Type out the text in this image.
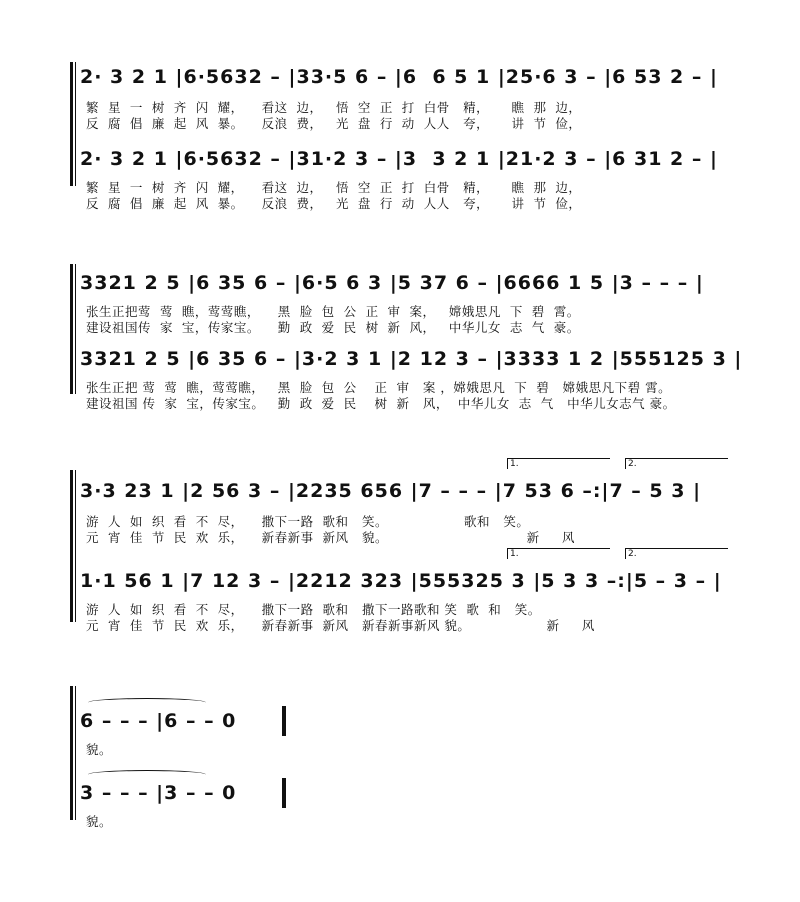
2· 3 2 1 |6·5632 – |33·5 6 – |6  6 5 1 |25·6 3 – |6 53 2 – |
繁  星  一  树  齐  闪  耀，    看这  边，   悟  空  正  打  白骨   精，     瞧  那  边，
反  腐  倡  廉  起  风  暴。    反浪  费，   光  盘  行  动  人人   夸，     讲  节  俭，
2· 3 2 1 |6·5632 – |31·2 3 – |3  3 2 1 |21·2 3 – |6 31 2 – |
繁  星  一  树  齐  闪  耀，    看这  边，   悟  空  正  打  白骨   精，     瞧  那  边，
反  腐  倡  廉  起  风  暴。    反浪  费，   光  盘  行  动  人人   夸，     讲  节  俭，
3321 2 5 |6 35 6 – |6·5 6 3 |5 37 6 – |6666 1 5 |3 – – – |
张生正把莺  莺  瞧，莺莺瞧，    黑  脸  包  公  正  审  案，   嫦娥思凡  下  碧  霄。
建设祖国传  家  宝，传家宝。    勤  政  爱  民  树  新  风，   中华儿女  志  气  豪。
3321 2 5 |6 35 6 – |3·2 3 1 |2 12 3 – |3333 1 2 |555125 3 |
张生正把 莺  莺  瞧，莺莺瞧，   黑  脸  包  公    正  审   案 ，嫦娥思凡  下  碧   嫦娥思凡下碧 霄。
建设祖国 传  家  宝，传家宝。   勤  政  爱  民    树  新   风，  中华儿女  志  气   中华儿女志气 豪。
1.	2.
3·3 23 1 |2 56 3 – |2235 656 |7 – – – |7 53 6 –:|7 – 5 3 |
游  人  如  织  看  不  尽，    撒下一路  歌和   笑。                 歌和   笑。
元  宵  佳  节  民  欢  乐，    新春新事  新风   貌。                               新     风
1.	2.
1·1 56 1 |7 12 3 – |2212 323 |555325 3 |5 3 3 –:|5 – 3 – |
游  人  如  织  看  不  尽，    撒下一路  歌和   撒下一路歌和 笑  歌  和   笑。
元  宵  佳  节  民  欢  乐，    新春新事  新风   新春新事新风 貌。                 新     风
6 – – – |6 – – 0
貌。
3 – – – |3 – – 0
貌。
